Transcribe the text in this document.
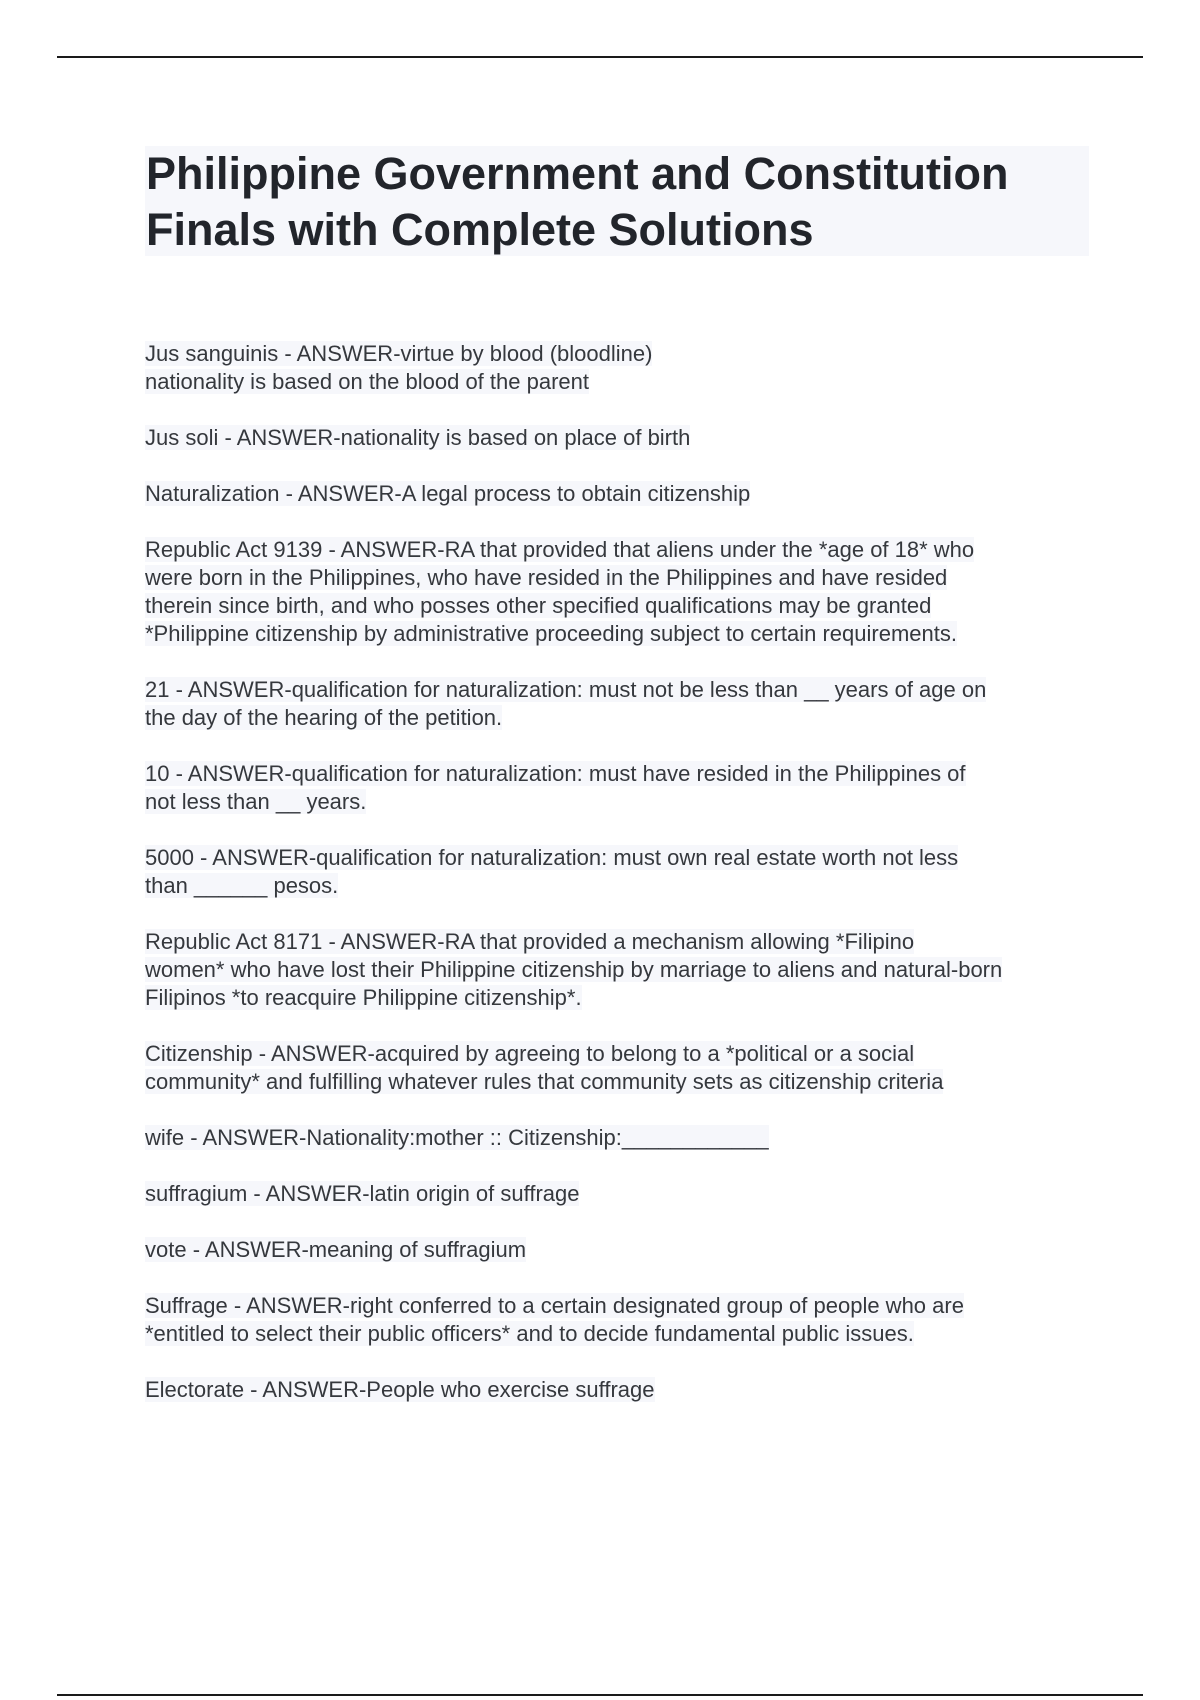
Philippine Government and Constitution
Finals with Complete Solutions
Jus sanguinis - ANSWER-virtue by blood (bloodline)
nationality is based on the blood of the parent
Jus soli - ANSWER-nationality is based on place of birth
Naturalization - ANSWER-A legal process to obtain citizenship
Republic Act 9139 - ANSWER-RA that provided that aliens under the *age of 18* who
were born in the Philippines, who have resided in the Philippines and have resided
therein since birth, and who posses other specified qualifications may be granted
*Philippine citizenship by administrative proceeding subject to certain requirements.
21 - ANSWER-qualification for naturalization: must not be less than __ years of age on
the day of the hearing of the petition.
10 - ANSWER-qualification for naturalization: must have resided in the Philippines of
not less than __ years.
5000 - ANSWER-qualification for naturalization: must own real estate worth not less
than ______ pesos.
Republic Act 8171 - ANSWER-RA that provided a mechanism allowing *Filipino
women* who have lost their Philippine citizenship by marriage to aliens and natural-born
Filipinos *to reacquire Philippine citizenship*.
Citizenship - ANSWER-acquired by agreeing to belong to a *political or a social
community* and fulfilling whatever rules that community sets as citizenship criteria
wife - ANSWER-Nationality:mother :: Citizenship:____________
suffragium - ANSWER-latin origin of suffrage
vote - ANSWER-meaning of suffragium
Suffrage - ANSWER-right conferred to a certain designated group of people who are
*entitled to select their public officers* and to decide fundamental public issues.
Electorate - ANSWER-People who exercise suffrage
